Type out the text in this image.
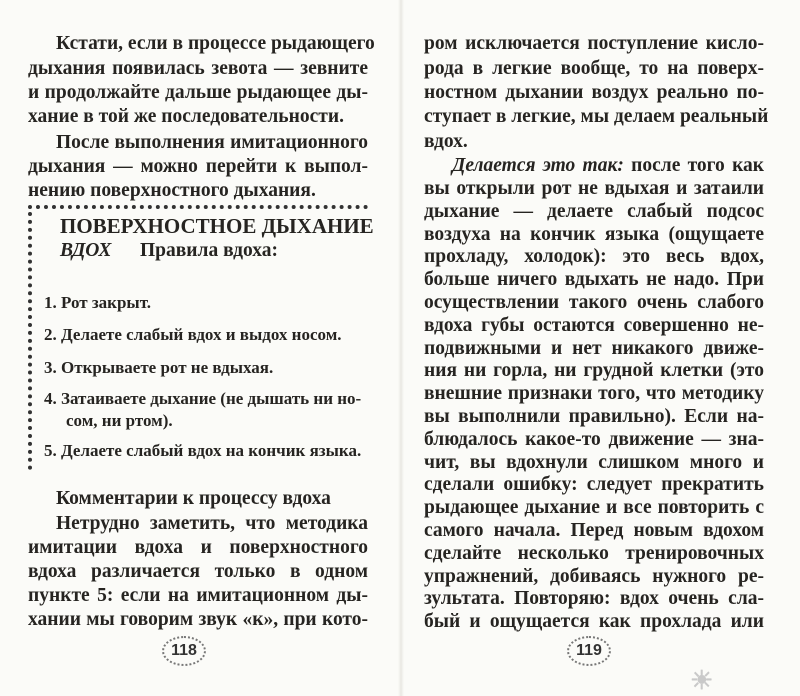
Кстати, если в процессе рыдающего
дыхания появилась зевота — зевните
и продолжайте дальше рыдающее ды-
хание в той же последовательности.
После выполнения имитационного
дыхания — можно перейти к выпол-
нению поверхностного дыхания.
ПОВЕРХНОСТНОЕ ДЫХАНИЕ
ВДОХ Правила вдоха:
1. Рот закрыт.
2. Делаете слабый вдох и выдох носом.
3. Открываете рот не вдыхая.
4. Затаиваете дыхание (не дышать ни но-
сом, ни ртом).
5. Делаете слабый вдох на кончик языка.
Комментарии к процессу вдоха
Нетрудно заметить, что методика
имитации вдоха и поверхностного
вдоха различается только в одном
пункте 5: если на имитационном ды-
хании мы говорим звук «к», при кото-
ром исключается поступление кисло-
рода в легкие вообще, то на поверх-
ностном дыхании воздух реально по-
ступает в легкие, мы делаем реальный
вдох.
Делается это так: после того как
вы открыли рот не вдыхая и затаили
дыхание — делаете слабый подсос
воздуха на кончик языка (ощущаете
прохладу, холодок): это весь вдох,
больше ничего вдыхать не надо. При
осуществлении такого очень слабого
вдоха губы остаются совершенно не-
подвижными и нет никакого движе-
ния ни горла, ни грудной клетки (это
внешние признаки того, что методику
вы выполнили правильно). Если на-
блюдалось какое-то движение — зна-
чит, вы вдохнули слишком много и
сделали ошибку: следует прекратить
рыдающее дыхание и все повторить с
самого начала. Перед новым вдохом
сделайте несколько тренировочных
упражнений, добиваясь нужного ре-
зультата. Повторяю: вдох очень сла-
бый и ощущается как прохлада или
118	119
☀
